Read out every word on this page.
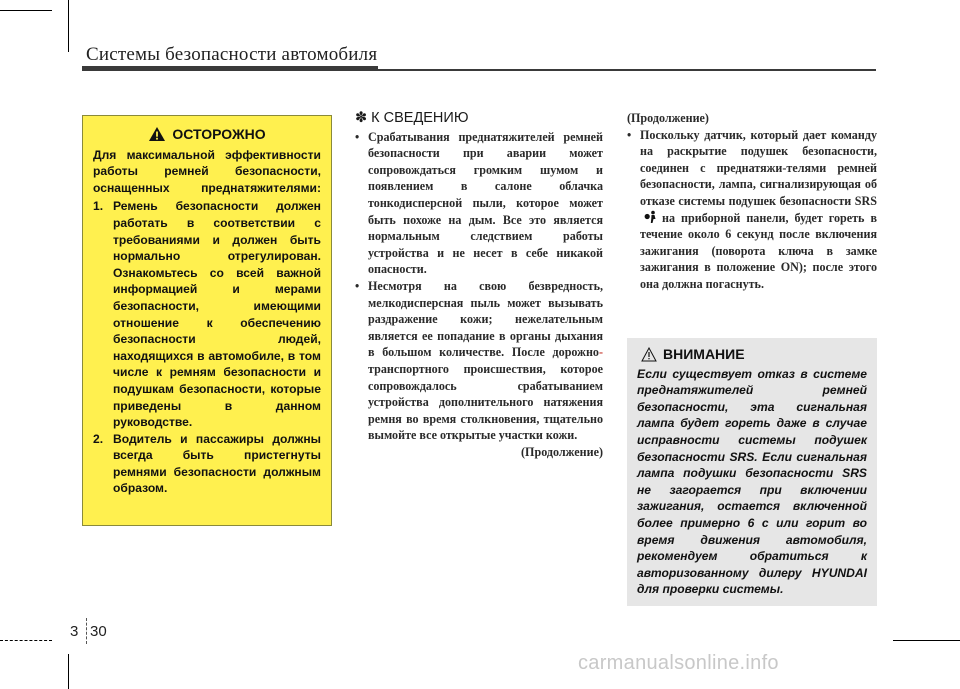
Системы безопасности автомобиля
ОСТОРОЖНО
Для максимальной эффективности работы ремней безопасности, оснащенных преднатяжителями:
1. Ремень безопасности должен работать в соответствии с требованиями и должен быть нормально отрегулирован. Ознакомьтесь со всей важной информацией и мерами безопасности, имеющими отношение к обеспечению безопасности людей, находящихся в автомобиле, в том числе к ремням безопасности и подушкам безопасности, которые приведены в данном руководстве.
2. Водитель и пассажиры должны всегда быть пристегнуты ремнями безопасности должным образом.
✽ К СВЕДЕНИЮ
• Срабатывания преднатяжителей ремней безопасности при аварии может сопровождаться громким шумом и появлением в салоне облачка тонкодисперсной пыли, которое может быть похоже на дым. Все это является нормальным следствием работы устройства и не несет в себе никакой опасности.
• Несмотря на свою безвредность, мелкодисперсная пыль может вызывать раздражение кожи; нежелательным является ее попадание в органы дыхания в большом количестве. После дорожно- транспортного происшествия, которое сопровождалось срабатыванием устройства дополнительного натяжения ремня во время столкновения, тщательно вымойте все открытые участки кожи.
(Продолжение)
(Продолжение)
• Поскольку датчик, который дает команду на раскрытие подушек безопасности, соединен с преднатяжи-телями ремней безопасности, лампа, сигнализирующая об отказе системы подушек безопасности SRSна приборной панели, будет гореть в течение около 6 секунд после включения зажигания (поворота ключа в замке зажигания в положение ON); после этого она должна погаснуть.
ВНИМАНИЕ
Если существует отказ в системе преднатяжителей ремней безопасности, эта сигнальная лампа будет гореть даже в случае исправности системы подушек безопасности SRS. Если сигнальная лампа подушки безопасности SRS не загорается при включении зажигания, остается включенной более примерно 6 с или горит во время движения автомобиля, рекомендуем обратиться к авторизованному дилеру HYUNDAI для проверки системы.
3 30
carmanualsonline.info
